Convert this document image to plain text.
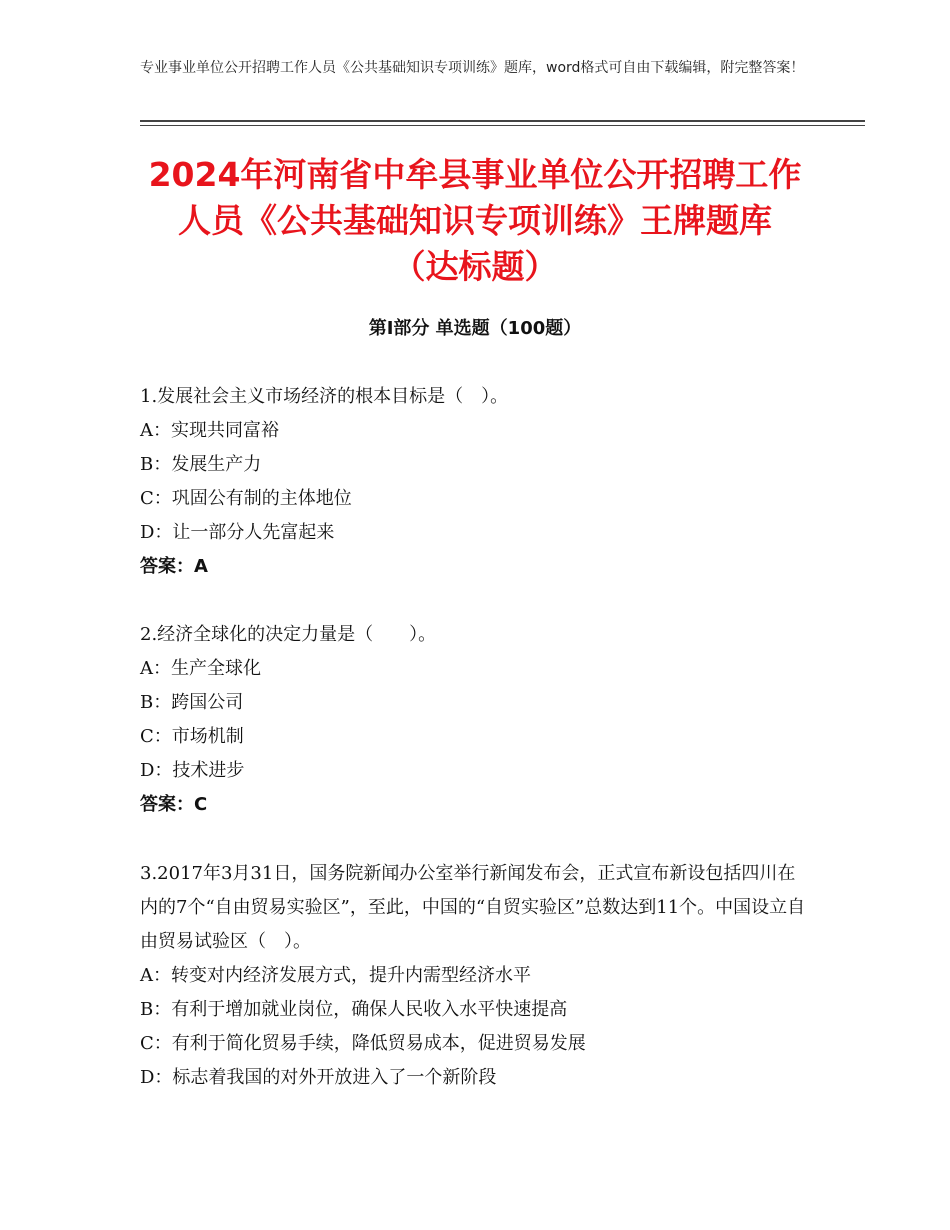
专业事业单位公开招聘工作人员《公共基础知识专项训练》题库，word格式可自由下载编辑，附完整答案！
2024年河南省中牟县事业单位公开招聘工作
人员《公共基础知识专项训练》王牌题库
（达标题）
第Ⅰ部分 单选题（100题）
1.发展社会主义市场经济的根本目标是（　）。
A：实现共同富裕
B：发展生产力
C：巩固公有制的主体地位
D：让一部分人先富起来
答案：A
2.经济全球化的决定力量是（　　）。
A：生产全球化
B：跨国公司
C：市场机制
D：技术进步
答案：C
3.2017年3月31日，国务院新闻办公室举行新闻发布会，正式宣布新设包括四川在内的7个“自由贸易实验区”，至此，中国的“自贸实验区”总数达到11个。中国设立自由贸易试验区（　）。
A：转变对内经济发展方式，提升内需型经济水平
B：有利于增加就业岗位，确保人民收入水平快速提高
C：有利于简化贸易手续，降低贸易成本，促进贸易发展
D：标志着我国的对外开放进入了一个新阶段
